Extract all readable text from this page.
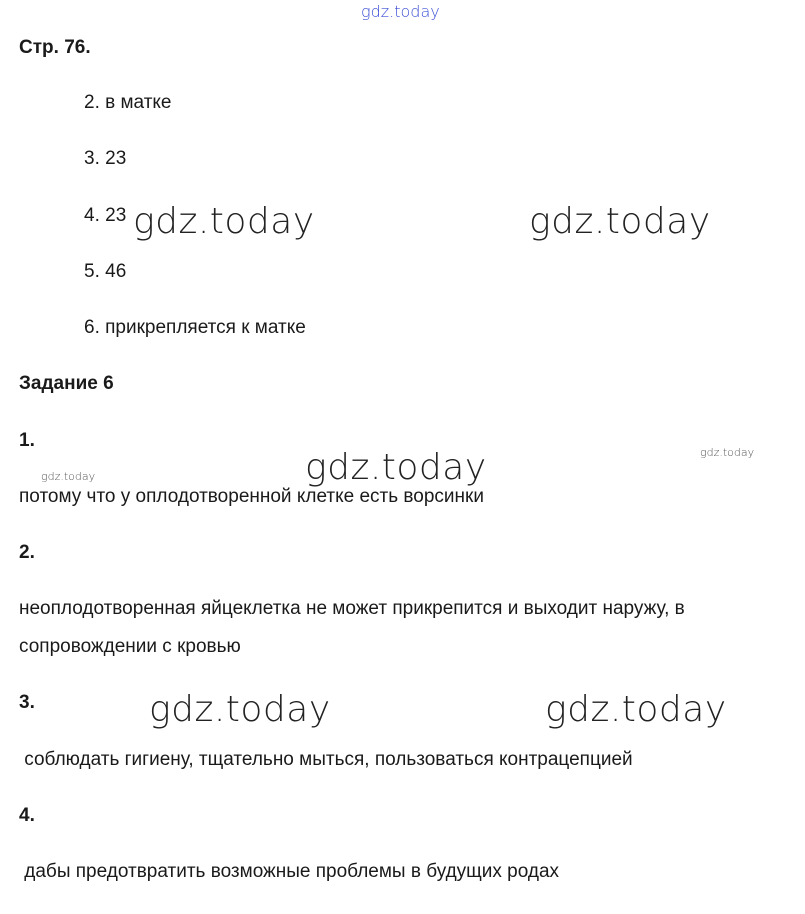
gdz.today
gdz.today	gdz.today
gdz.today
gdz.today
gdz.today
gdz.today	gdz.today
Стр. 76.
2. в матке
3. 23
4. 23
5. 46
6. прикрепляется к матке
Задание 6
1.
потому что у оплодотворенной клетке есть ворсинки
2.
неоплодотворенная яйцеклетка не может прикрепится и выходит наружу, в
сопровождении с кровью
3.
соблюдать гигиену, тщательно мыться, пользоваться контрацепцией
4.
дабы предотвратить возможные проблемы в будущих родах
